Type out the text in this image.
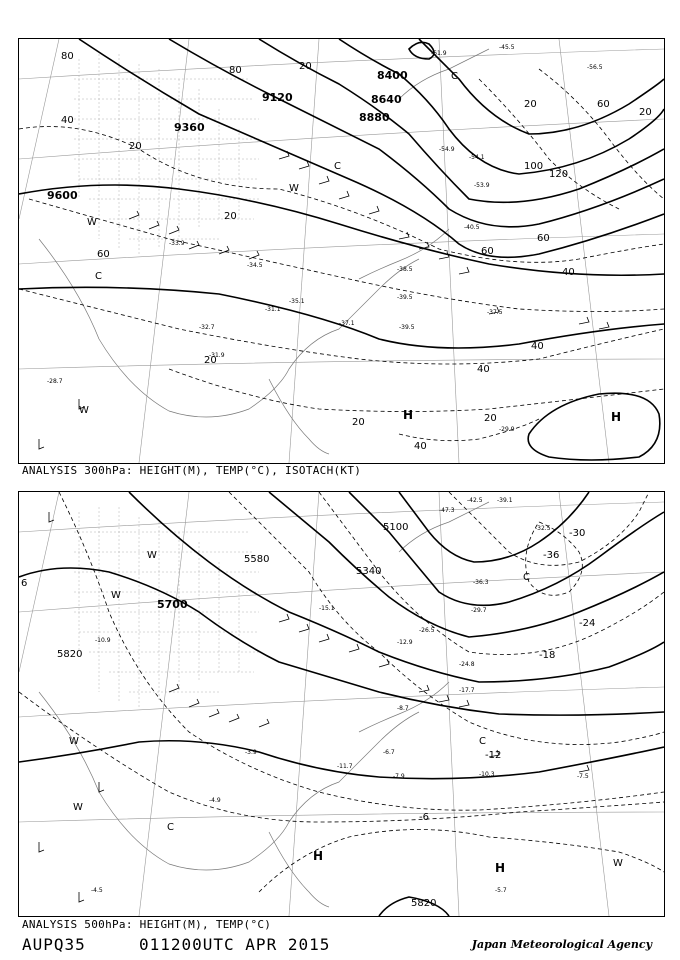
9600
9360
9120
8880
8640
8400
80
40
60
20
20
40
20
40
40
60
60
40
100
120
60
20
20
20
20
20
80
H	H
W
W
W
C
C
C
-61.9
-56.5
-54.9
-54.1
-53.9
-45.5
-40.5
-39.5
-39.5
-38.5
-37.1
-37.5
-35.1
-34.5
-33.9
-32.7
-31.9
-31.1
-29.9
-28.7
ANALYSIS 300hPa: HEIGHT(M), TEMP(°C), ISOTACH(KT)
5100
5340
5580
5700
5820
5820
-36
-30
-24
-18
-12
-6
6
H
H
W
W
W
W
W
C
C
C
-47.3
-42.5 -39.1
-36.3
-32.5
-29.7
-26.5
-24.8
-17.7
-15.1
-12.9
-11.7
-10.9
-10.3
-8.7
-7.9	-7.5
-6.7
-5.7
-4.9
-4.5
-3.9
ANALYSIS 500hPa: HEIGHT(M), TEMP(°C)
AUPQ35	011200UTC APR 2015	Japan Meteorological Agency
